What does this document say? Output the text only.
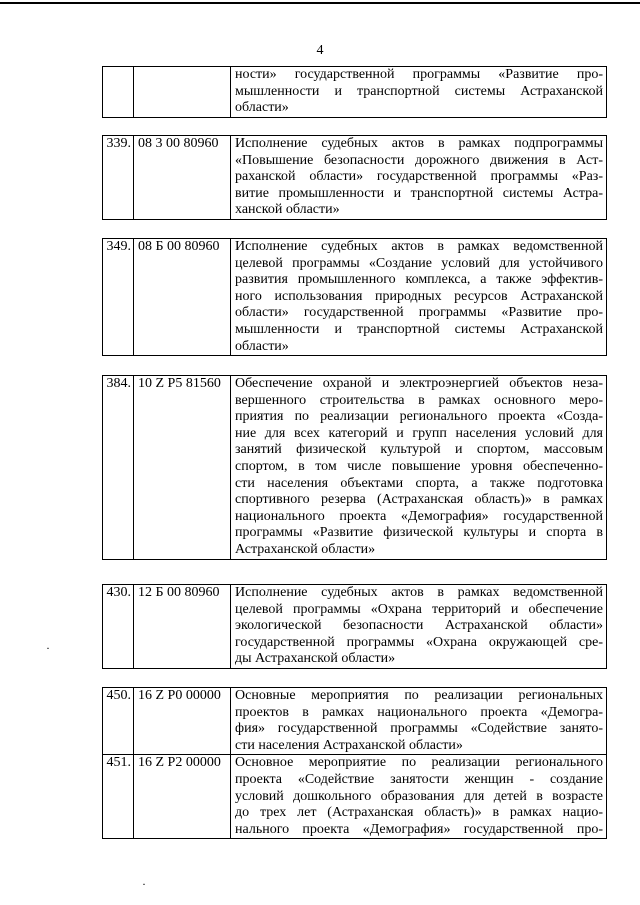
4

ности» государственной программы «Развитие про-
мышленности и транспортной системы Астраханской
области»
339.	08 3 00 80960	Исполнение судебных актов в рамках подпрограммы
«Повышение безопасности дорожного движения в Аст-
раханской области» государственной программы «Раз-
витие промышленности и транспортной системы Астра-
ханской области»
349.	08 Б 00 80960	Исполнение судебных актов в рамках ведомственной
целевой программы «Создание условий для устойчивого
развития промышленного комплекса, а также эффектив-
ного использования природных ресурсов Астраханской
области» государственной программы «Развитие про-
мышленности и транспортной системы Астраханской
области»
384.	10 Z P5 81560	Обеспечение охраной и электроэнергией объектов неза-
вершенного строительства в рамках основного меро-
приятия по реализации регионального проекта «Созда-
ние для всех категорий и групп населения условий для
занятий физической культурой и спортом, массовым
спортом, в том числе повышение уровня обеспеченно-
сти населения объектами спорта, а также подготовка
спортивного резерва (Астраханская область)» в рамках
национального проекта «Демография» государственной
программы «Развитие физической культуры и спорта в
Астраханской области»
430.	12 Б 00 80960	Исполнение судебных актов в рамках ведомственной
целевой программы «Охрана территорий и обеспечение
экологической безопасности Астраханской области»
государственной программы «Охрана окружающей сре-
ды Астраханской области»
450.	16 Z P0 00000	Основные мероприятия по реализации региональных
проектов в рамках национального проекта «Демогра-
фия» государственной программы «Содействие занято-
сти населения Астраханской области»

451.	16 Z P2 00000	Основное мероприятие по реализации регионального
проекта «Содействие занятости женщин - создание
условий дошкольного образования для детей в возрасте
до трех лет (Астраханская область)» в рамках нацио-
нального проекта «Демография» государственной про-
·
·
